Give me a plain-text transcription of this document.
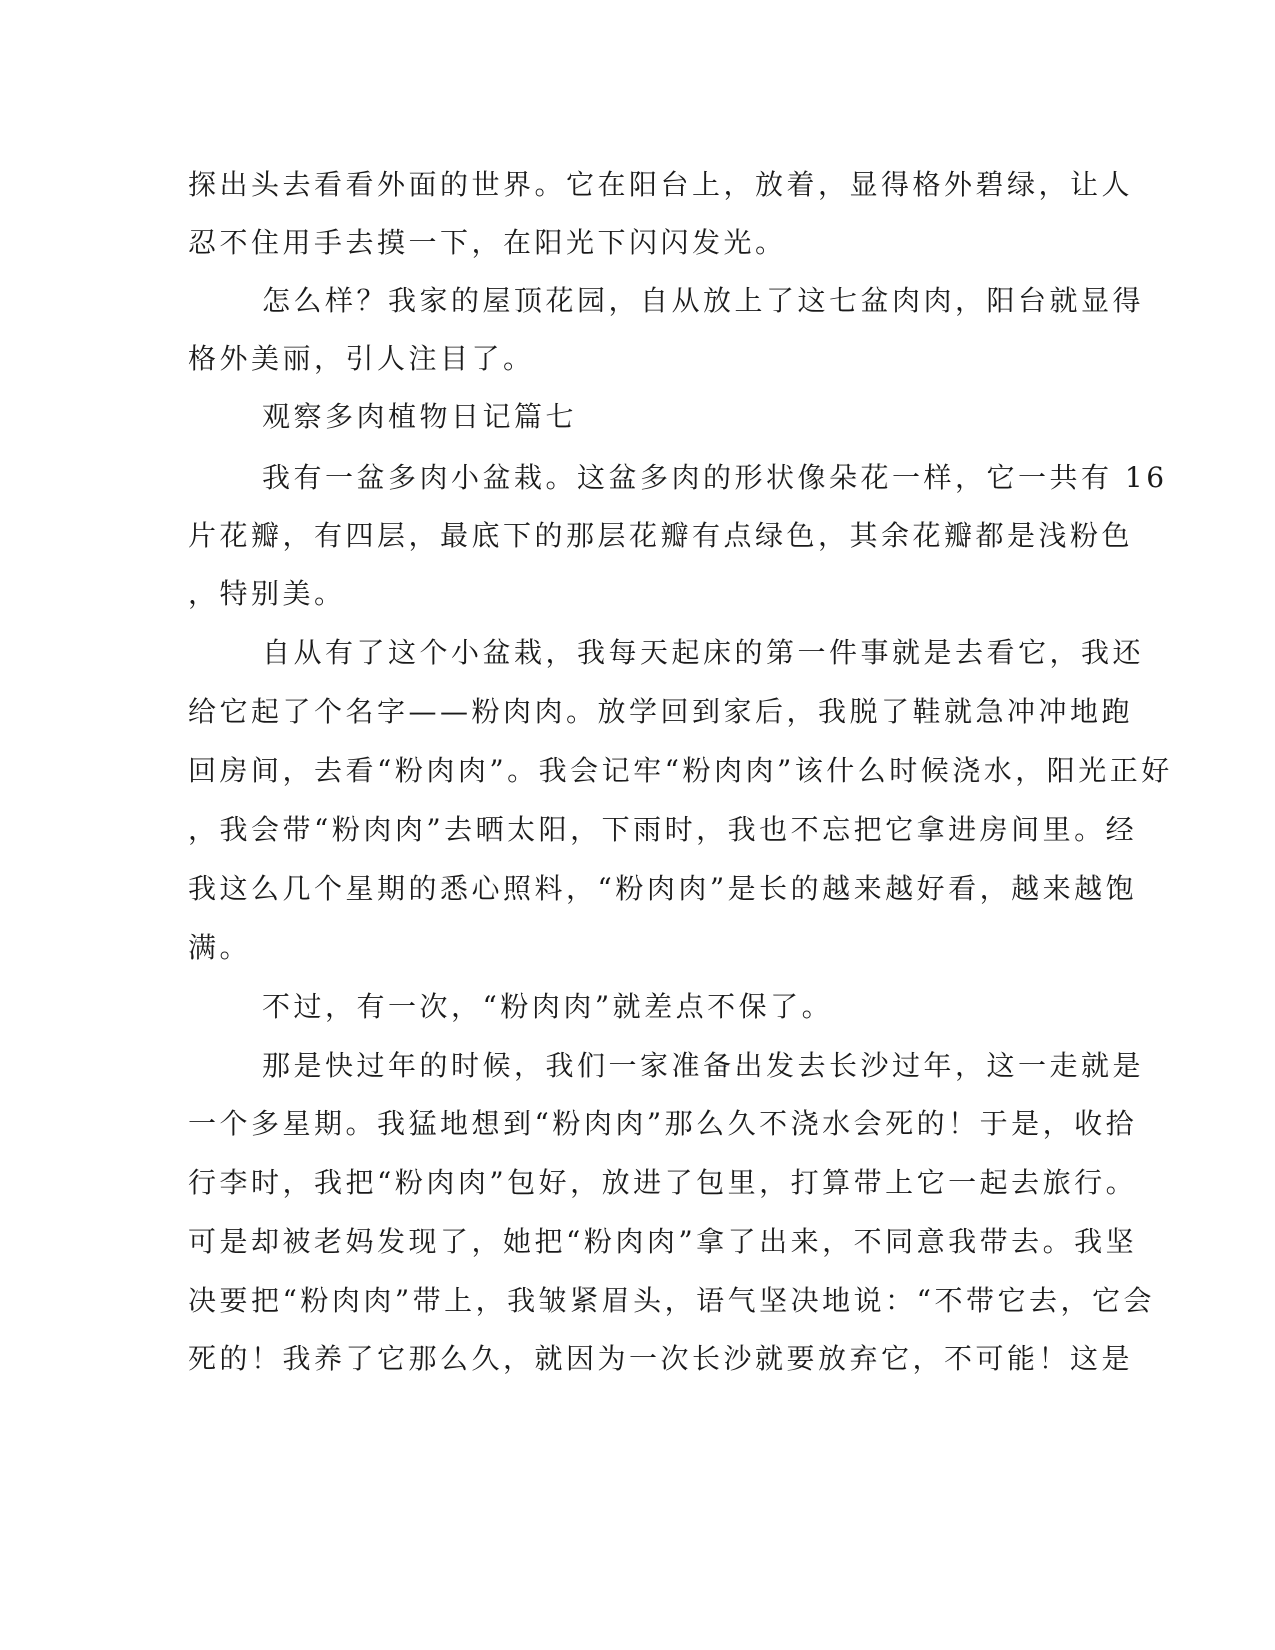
探出头去看看外面的世界。它在阳台上，放着，显得格外碧绿，让人
忍不住用手去摸一下，在阳光下闪闪发光。
怎么样？我家的屋顶花园，自从放上了这七盆肉肉，阳台就显得
格外美丽，引人注目了。
观察多肉植物日记篇七
我有一盆多肉小盆栽。这盆多肉的形状像朵花一样，它一共有 16
片花瓣，有四层，最底下的那层花瓣有点绿色，其余花瓣都是浅粉色
，特别美。
自从有了这个小盆栽，我每天起床的第一件事就是去看它，我还
给它起了个名字——粉肉肉。放学回到家后，我脱了鞋就急冲冲地跑
回房间，去看“粉肉肉”。我会记牢“粉肉肉”该什么时候浇水，阳光正好
，我会带“粉肉肉”去晒太阳，下雨时，我也不忘把它拿进房间里。经
我这么几个星期的悉心照料，“粉肉肉”是长的越来越好看，越来越饱
满。
不过，有一次，“粉肉肉”就差点不保了。
那是快过年的时候，我们一家准备出发去长沙过年，这一走就是
一个多星期。我猛地想到“粉肉肉”那么久不浇水会死的！于是，收拾
行李时，我把“粉肉肉”包好，放进了包里，打算带上它一起去旅行。
可是却被老妈发现了，她把“粉肉肉”拿了出来，不同意我带去。我坚
决要把“粉肉肉”带上，我皱紧眉头，语气坚决地说：“不带它去，它会
死的！我养了它那么久，就因为一次长沙就要放弃它，不可能！这是
